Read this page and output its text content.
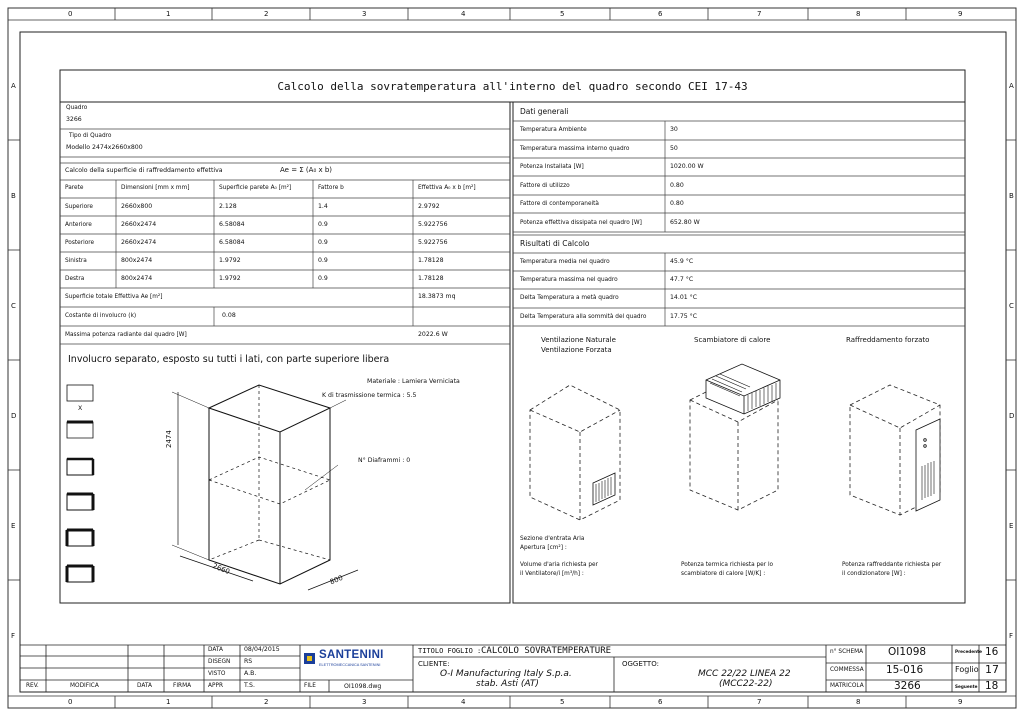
0	1	2	3	4	5	6	7	8	9
0	1	2	3	4	5	6	7	8	9
A
B
C
D
E
F
A
B
C
D
E
F
Calcolo della sovratemperatura all'interno del quadro secondo CEI 17-43
Quadro
3266
Tipo di Quadro
Modello 2474x2660x800
Calcolo della superficie di raffreddamento effettiva	Ae = Σ (A₀ x b)
Parete	Dimensioni [mm x mm]	Superficie parete A₀ [m²]	Fattore b	Effettiva A₀ x b [m²]
Superiore	2660x800	2.128	1.4	2.9792
Anteriore	2660x2474	6.58084	0.9	5.922756
Posteriore	2660x2474	6.58084	0.9	5.922756
Sinistra	800x2474	1.9792	0.9	1.78128
Destra	800x2474	1.9792	0.9	1.78128
Superficie totale Effettiva Ae [m²]	18.3873 mq
Costante di involucro (k)	0.08
Massima potenza radiante dal quadro [W]	2022.6 W
Involucro separato, esposto su tutti i lati, con parte superiore libera
X
Materiale : Lamiera Verniciata
K di trasmissione termica : 5.5
N° Diaframmi : 0
2474
2660
800
Dati generali
Temperatura Ambiente	30
Temperatura massima interno quadro	50
Potenza Installata [W]	1020.00 W
Fattore di utilizzo	0.80
Fattore di contemporaneità	0.80
Potenza effettiva dissipata nel quadro [W]	652.80 W
Risultati di Calcolo
Temperatura media nel quadro	45.9 °C
Temperatura massima nel quadro	47.7 °C
Delta Temperatura a metà quadro	14.01 °C
Delta Temperatura alla sommità del quadro	17.75 °C
Ventilazione Naturale
Ventilazione Forzata
Scambiatore di calore	Raffreddamento forzato
Sezione d'entrata Aria
Apertura [cm²] :
Volume d'aria richiesta per
il Ventilatore/i [m³/h] :
Potenza termica richiesta per lo
scambiatore di calore [W/K] :
Potenza raffreddante richiesta per
il condizionatore [W] :
REV.	MODIFICA	DATA	FIRMA
DATA	08/04/2015
DISEGN RS
VISTO	A.B.
APPR	T.S.
SANTENINI
ELETTROMECCANICA SANTENINI
FILE	OI1098.dwg
TITOLO FOGLIO : CALCOLO SOVRATEMPERATURE
CLIENTE:
O-I Manufacturing Italy S.p.a.
stab. Asti (AT)
OGGETTO:
MCC 22/22 LINEA 22
(MCC22-22)
n° SCHEMA OI1098
COMMESSA 15-016
MATRICOLA	3266
Precedente 16
Foglio 17
Seguente 18
